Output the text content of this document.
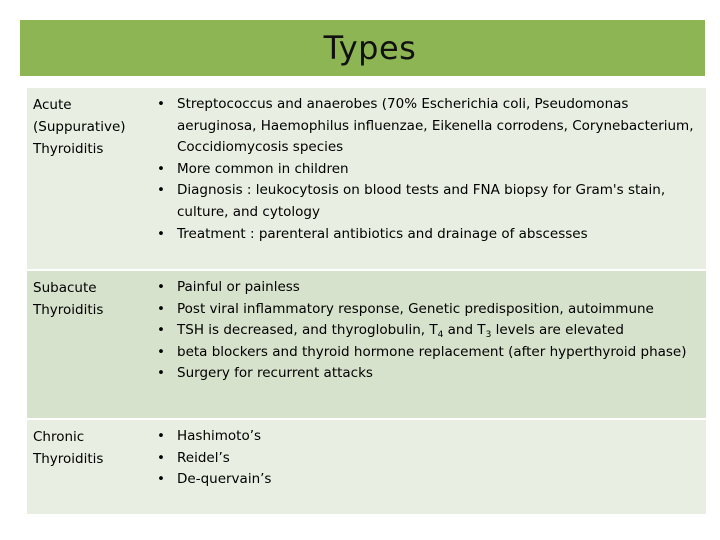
Types
Acute
(Suppurative)
Thyroiditis
• Streptococcus and anaerobes (70% Escherichia coli, Pseudomonas aeruginosa, Haemophilus influenzae, Eikenella corrodens, Corynebacterium, Coccidiomycosis species
• More common in children
• Diagnosis : leukocytosis on blood tests and FNA biopsy for Gram's stain, culture, and cytology
• Treatment : parenteral antibiotics and drainage of abscesses
Subacute
Thyroiditis
• Painful or painless
• Post viral inflammatory response, Genetic predisposition, autoimmune
• TSH is decreased, and thyroglobulin, $T_4$ and $T_3$ levels are elevated
• beta blockers and thyroid hormone replacement (after hyperthyroid phase)
• Surgery for recurrent attacks
Chronic
Thyroiditis
• Hashimoto’s
• Reidel’s
• De-quervain’s
